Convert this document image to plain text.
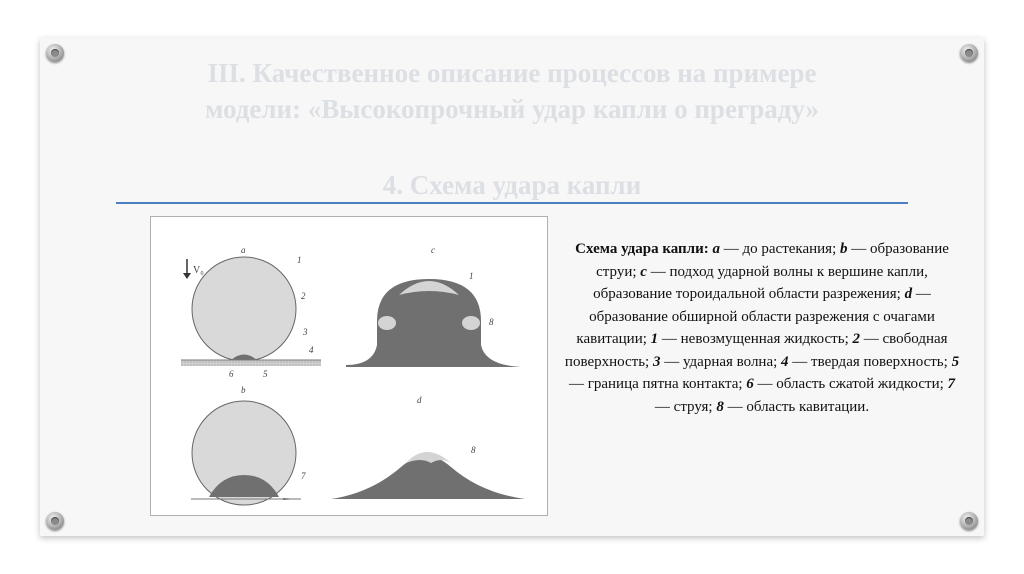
III. Качественное описание процессов на примере

модели: «Высокопрочный удар капли о преграду»

4. Схема удара капли

a
V₀
1
2
3
4
6	5
b
7
c
1
8
d
8
Схема удара капли: а — до растекания; b — образование струи; с — подход ударной волны к вершине капли, образование тороидальной области разрежения; d — образование обширной области разрежения с очагами кавитации; 1 — невозмущенная жидкость; 2 — свободная поверхность; 3 — ударная волна; 4 — твердая поверхность; 5 — граница пятна контакта; 6 — область сжатой жидкости; 7 — струя; 8 — область кавитации.
